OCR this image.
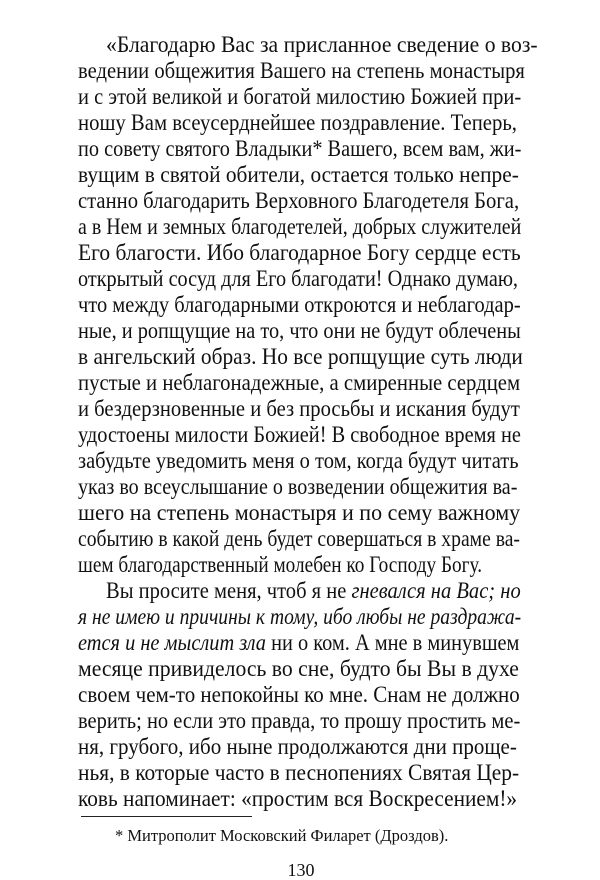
«Благодарю Вас за присланное сведение о воз-
ведении общежития Вашего на степень монастыря
и с этой великой и богатой милостию Божией при-
ношу Вам всеусерднейшее поздравление. Теперь,
по совету святого Владыки* Вашего, всем вам, жи-
вущим в святой обители, остается только непре-
станно благодарить Верховного Благодетеля Бога,
а в Нем и земных благодетелей, добрых служителей
Его благости. Ибо благодарное Богу сердце есть
открытый сосуд для Его благодати! Однако думаю,
что между благодарными откроются и неблагодар-
ные, и ропщущие на то, что они не будут облечены
в ангельский образ. Но все ропщущие суть люди
пустые и неблагонадежные, а смиренные сердцем
и бездерзновенные и без просьбы и искания будут
удостоены милости Божией! В свободное время не
забудьте уведомить меня о том, когда будут читать
указ во всеуслышание о возведении общежития ва-
шего на степень монастыря и по сему важному
событию в какой день будет совершаться в храме ва-
шем благодарственный молебен ко Господу Богу.
Вы просите меня, чтоб я не гневался на Вас; но
я не имею и причины к тому, ибо любы не раздража-
ется и не мыслит зла ни о ком. А мне в минувшем
месяце привиделось во сне, будто бы Вы в духе
своем чем-то непокойны ко мне. Снам не должно
верить; но если это правда, то прошу простить ме-
ня, грубого, ибо ныне продолжаются дни проще-
нья, в которые часто в песнопениях Святая Цер-
ковь напоминает: «простим вся Воскресением!»
* Митрополит Московский Филарет (Дроздов).
130
